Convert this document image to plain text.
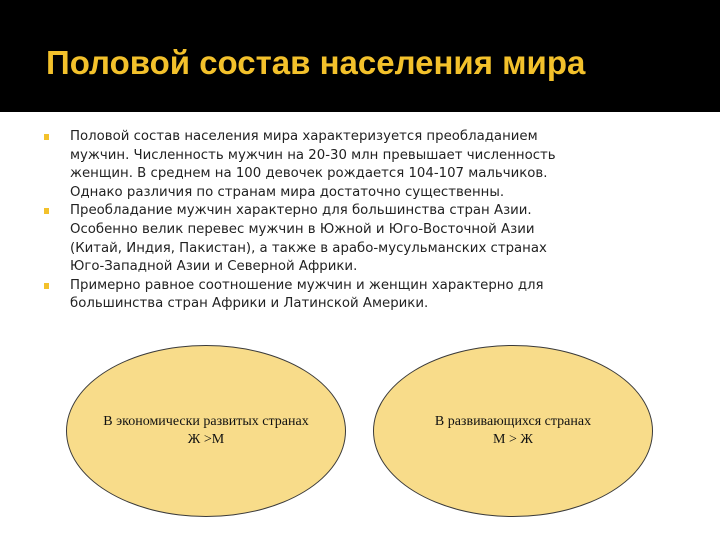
Половой состав населения мира
Половой состав населения мира характеризуется преобладанием
мужчин. Численность мужчин на 20-30 млн превышает численность
женщин. В среднем на 100 девочек рождается 104-107 мальчиков.
Однако различия по странам мира достаточно существенны.
Преобладание мужчин характерно для большинства стран Азии.
Особенно велик перевес мужчин в Южной и Юго-Восточной Азии
(Китай, Индия, Пакистан), а также в арабо-мусульманских странах
Юго-Западной Азии и Северной Африки.
Примерно равное соотношение мужчин и женщин характерно для
большинства стран Африки и Латинской Америки.
В экономически развитых странах
Ж >М
В развивающихся странах
М > Ж
